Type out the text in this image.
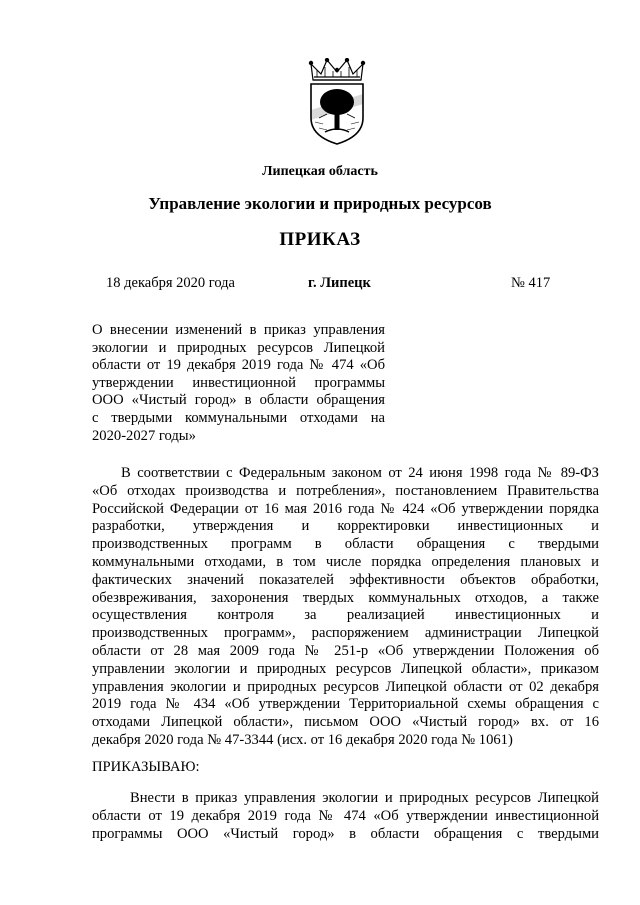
Липецкая область
Управление экологии и природных ресурсов
ПРИКАЗ
18 декабря 2020 года	г. Липецк	№ 417
О внесении изменений в приказ управления
экологии и природных ресурсов Липецкой
области от 19 декабря 2019 года № 474 «Об
утверждении инвестиционной программы
ООО «Чистый город» в области обращения
с твердыми коммунальными отходами на
2020-2027 годы»
В соответствии с Федеральным законом от 24 июня 1998 года № 89-ФЗ
«Об отходах производства и потребления», постановлением Правительства
Российской Федерации от 16 мая 2016 года № 424 «Об утверждении порядка
разработки, утверждения и корректировки инвестиционных и
производственных программ в области обращения с твердыми
коммунальными отходами, в том числе порядка определения плановых и
фактических значений показателей эффективности объектов обработки,
обезвреживания, захоронения твердых коммунальных отходов, а также
осуществления контроля за реализацией инвестиционных и
производственных программ», распоряжением администрации Липецкой
области от 28 мая 2009 года № 251-р «Об утверждении Положения об
управлении экологии и природных ресурсов Липецкой области», приказом
управления экологии и природных ресурсов Липецкой области от 02 декабря
2019 года № 434 «Об утверждении Территориальной схемы обращения с
отходами Липецкой области», письмом ООО «Чистый город» вх. от 16
декабря 2020 года № 47-3344 (исх. от 16 декабря 2020 года № 1061)
ПРИКАЗЫВАЮ:
Внести в приказ управления экологии и природных ресурсов Липецкой
области от 19 декабря 2019 года № 474 «Об утверждении инвестиционной
программы ООО «Чистый город» в области обращения с твердыми
